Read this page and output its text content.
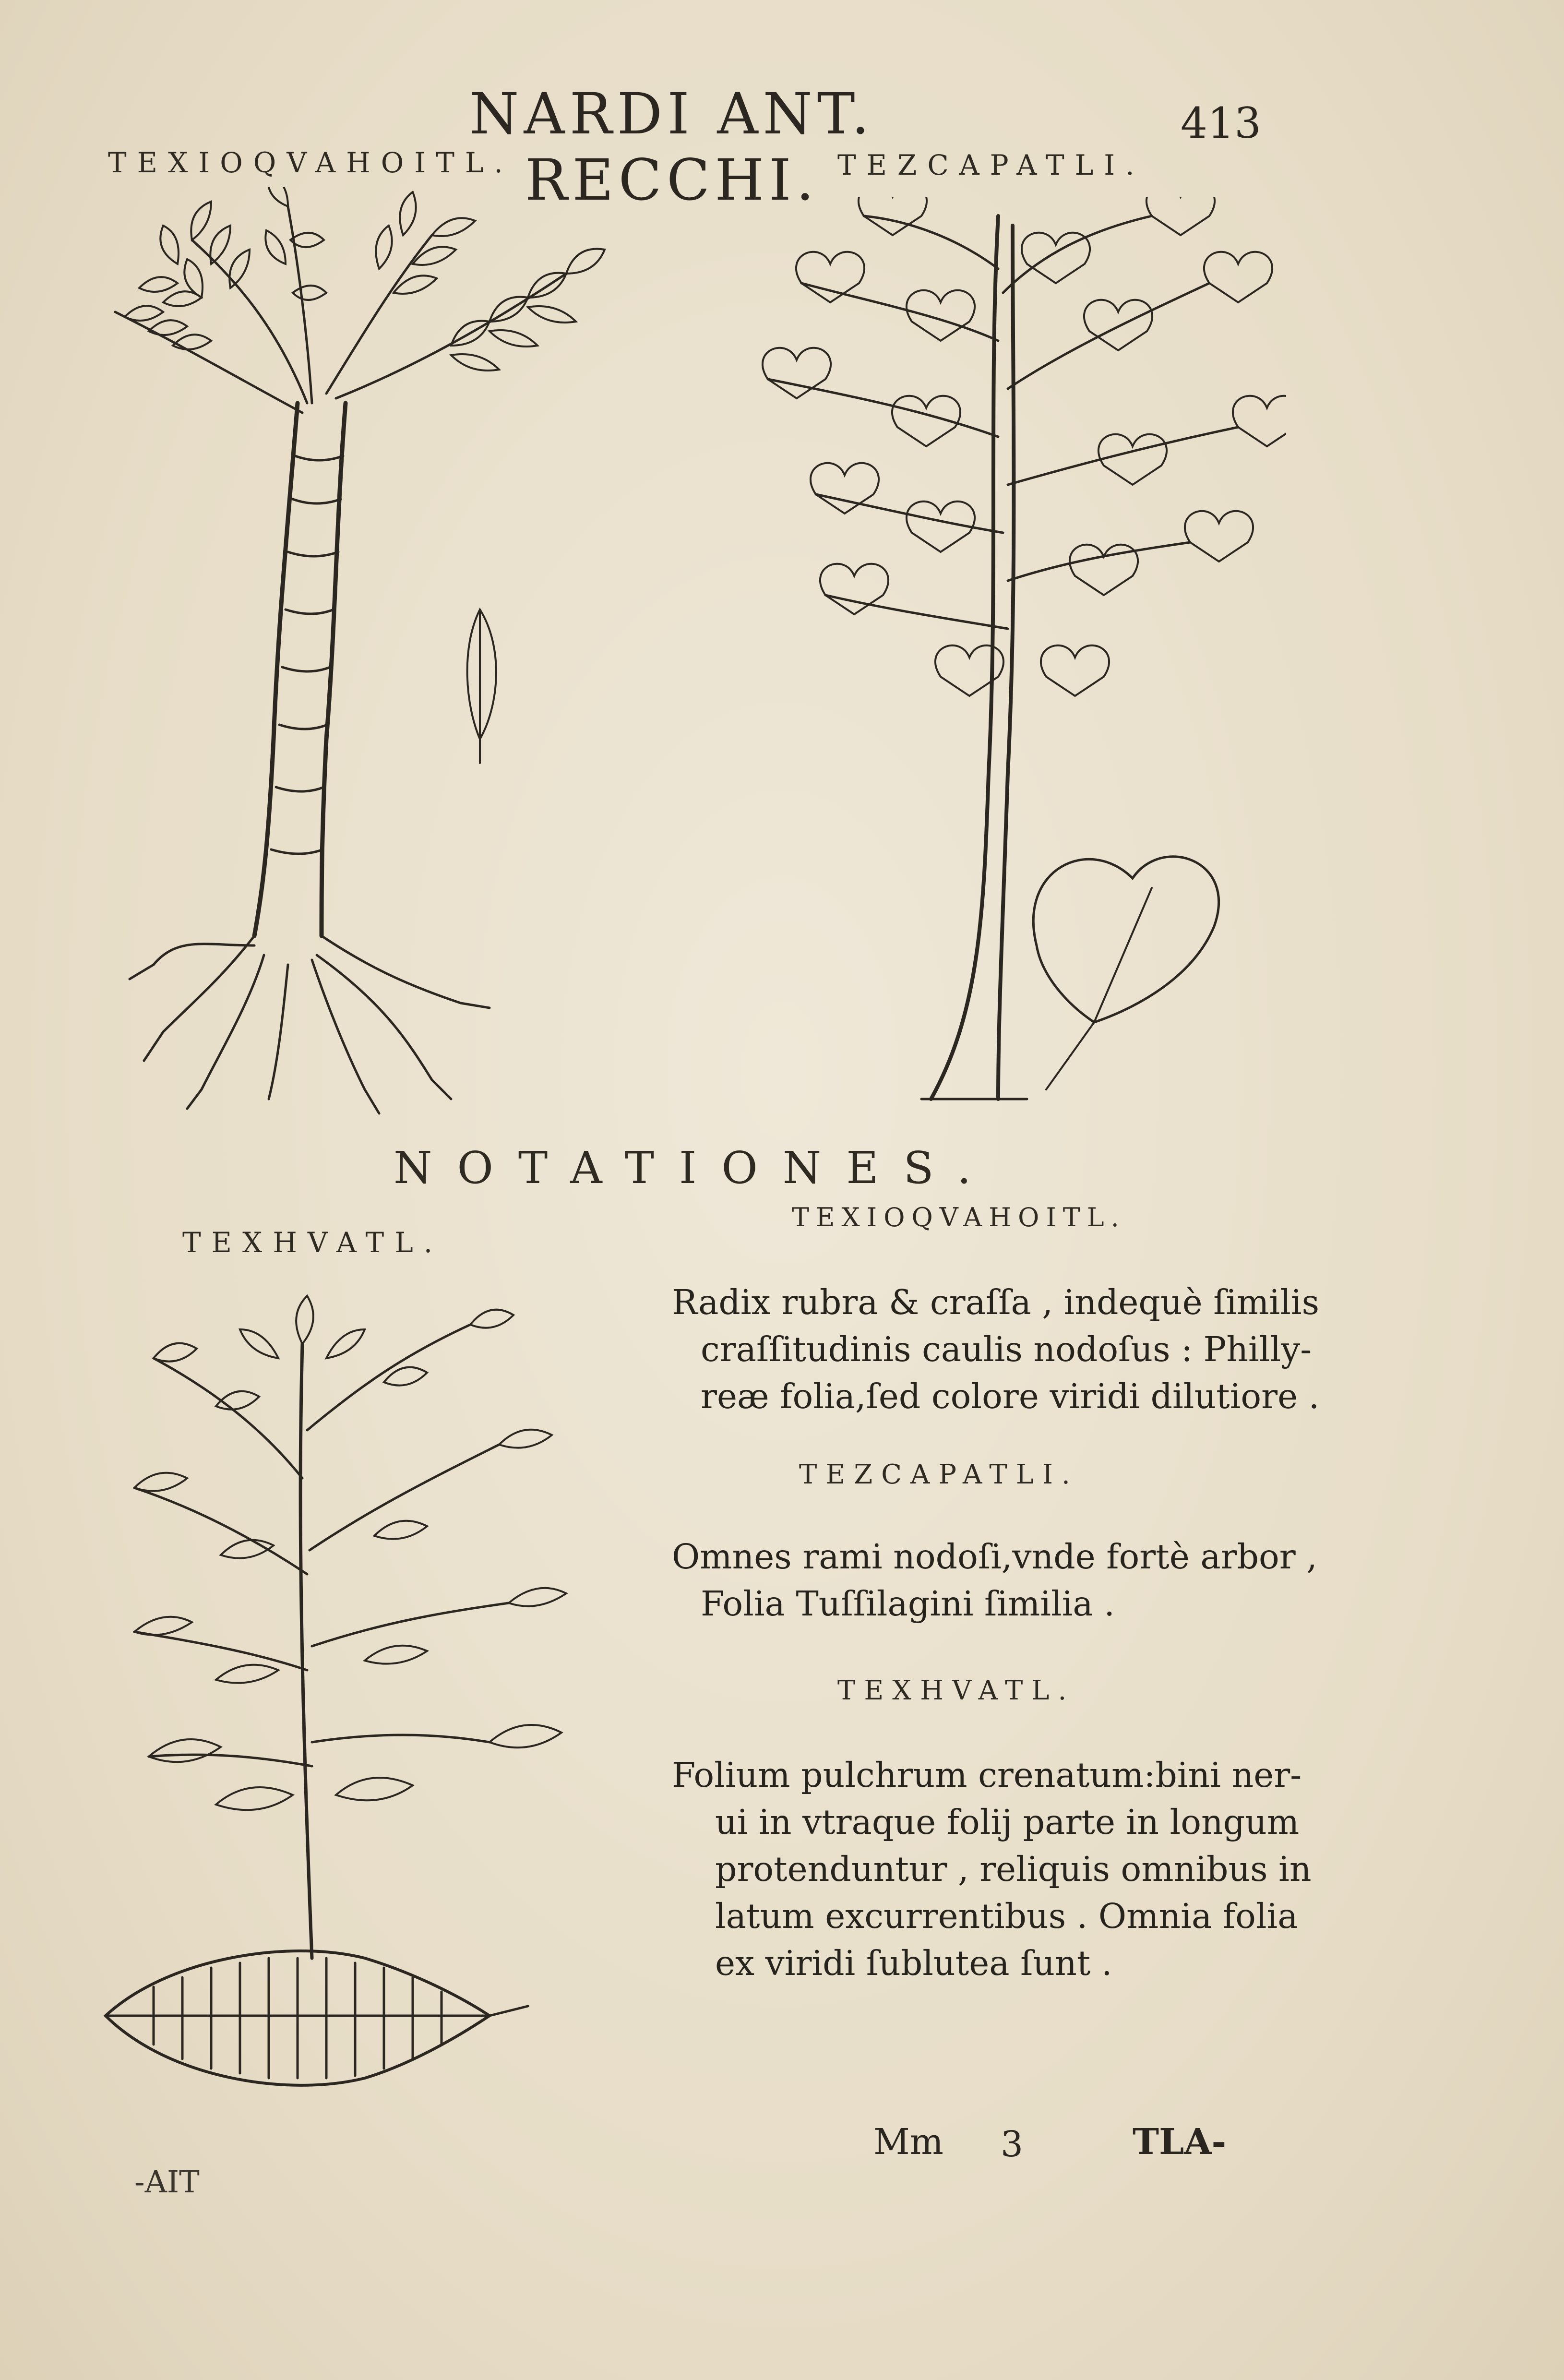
NARDI ANT. RECCHI.
413
TEXIOQVAHOITL.	TEZCAPATLI.
TEXHVATL.
NOTATIONES.
TEXIOQVAHOITL.
Radix rubra & craſſa , indequè ſimilis
craſſitudinis caulis nodoſus : Philly-
reæ folia,ſed colore viridi dilutiore .
TEZCAPATLI.
Omnes rami nodoſi,vnde fortè arbor ,
Folia Tuſſilagini ſimilia .
TEXHVATL.
Folium pulchrum crenatum:bini ner-
ui in vtraque folij parte in longum
protenduntur , reliquis omnibus in
latum excurrentibus . Omnia folia
ex viridi ſublutea ſunt .
Mm 3	TLA-
-AIT
